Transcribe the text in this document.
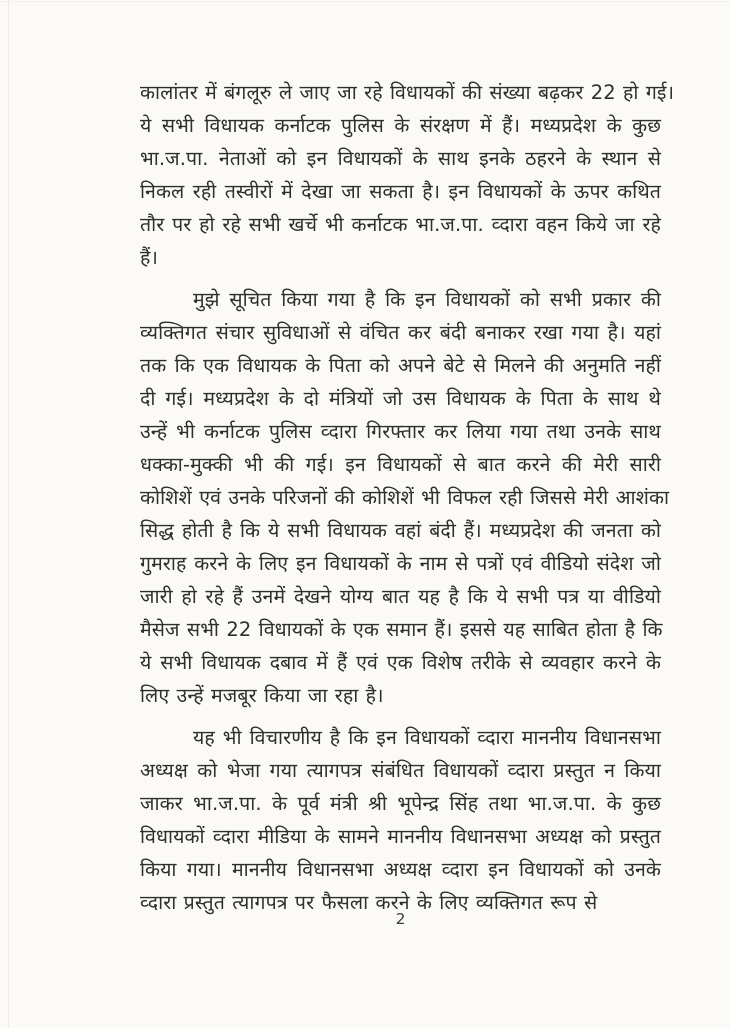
कालांतर में बंगलूरु ले जाए जा रहे विधायकों की संख्या बढ़कर 22 हो गई।
ये सभी विधायक कर्नाटक पुलिस के संरक्षण में हैं। मध्यप्रदेश के कुछ
भा.ज.पा. नेताओं को इन विधायकों के साथ इनके ठहरने के स्थान से
निकल रही तस्वीरों में देखा जा सकता है। इन विधायकों के ऊपर कथित
तौर पर हो रहे सभी खर्चे भी कर्नाटक भा.ज.पा. व्दारा वहन किये जा रहे
हैं।
मुझे सूचित किया गया है कि इन विधायकों को सभी प्रकार की
व्यक्तिगत संचार सुविधाओं से वंचित कर बंदी बनाकर रखा गया है। यहां
तक कि एक विधायक के पिता को अपने बेटे से मिलने की अनुमति नहीं
दी गई। मध्यप्रदेश के दो मंत्रियों जो उस विधायक के पिता के साथ थे
उन्हें भी कर्नाटक पुलिस व्दारा गिरफ्तार कर लिया गया तथा उनके साथ
धक्का-मुक्की भी की गई। इन विधायकों से बात करने की मेरी सारी
कोशिशें एवं उनके परिजनों की कोशिशें भी विफल रही जिससे मेरी आशंका
सिद्ध होती है कि ये सभी विधायक वहां बंदी हैं। मध्यप्रदेश की जनता को
गुमराह करने के लिए इन विधायकों के नाम से पत्रों एवं वीडियो संदेश जो
जारी हो रहे हैं उनमें देखने योग्य बात यह है कि ये सभी पत्र या वीडियो
मैसेज सभी 22 विधायकों के एक समान हैं। इससे यह साबित होता है कि
ये सभी विधायक दबाव में हैं एवं एक विशेष तरीके से व्यवहार करने के
लिए उन्हें मजबूर किया जा रहा है।
यह भी विचारणीय है कि इन विधायकों व्दारा माननीय विधानसभा
अध्यक्ष को भेजा गया त्यागपत्र संबंधित विधायकों व्दारा प्रस्तुत न किया
जाकर भा.ज.पा. के पूर्व मंत्री श्री भूपेन्द्र सिंह तथा भा.ज.पा. के कुछ
विधायकों व्दारा मीडिया के सामने माननीय विधानसभा अध्यक्ष को प्रस्तुत
किया गया। माननीय विधानसभा अध्यक्ष व्दारा इन विधायकों को उनके
व्दारा प्रस्तुत त्यागपत्र पर फैसला करने के लिए व्यक्तिगत रूप से
2
